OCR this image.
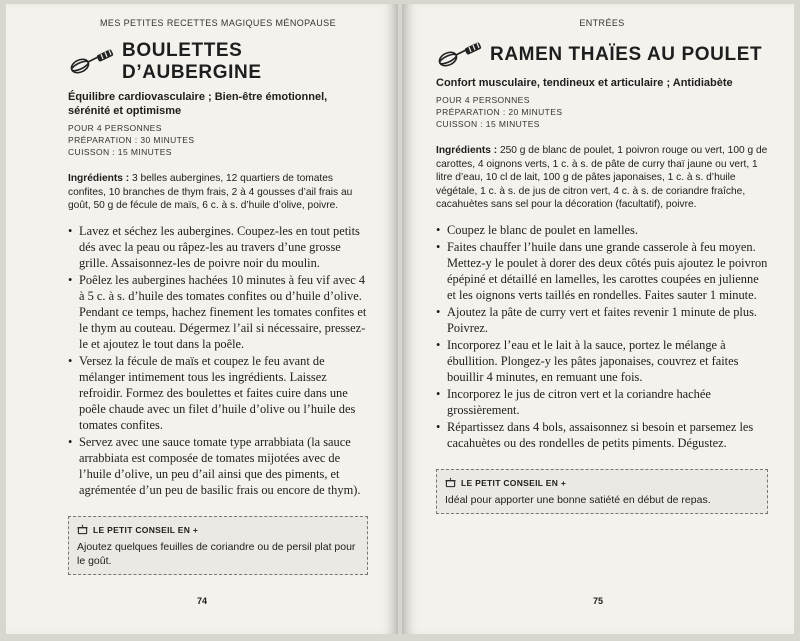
MES PETITES RECETTES MAGIQUES MÉNOPAUSE
BOULETTES D’AUBERGINE
Équilibre cardiovasculaire ; Bien-être émotionnel, sérénité et optimisme
POUR 4 PERSONNES
PRÉPARATION : 30 MINUTES
CUISSON : 15 MINUTES
Ingrédients : 3 belles aubergines, 12 quartiers de tomates confites, 10 branches de thym frais, 2 à 4 gousses d’ail frais au goût, 50 g de fécule de maïs, 6 c. à s. d’huile d’olive, poivre.
• Lavez et séchez les aubergines. Coupez-les en tout petits dés avec la peau ou râpez-les au travers d’une grosse grille. Assaisonnez-les de poivre noir du moulin.
• Poêlez les aubergines hachées 10 minutes à feu vif avec 4 à 5 c. à s. d’huile des tomates confites ou d’huile d’olive. Pendant ce temps, hachez finement les tomates confites et le thym au couteau. Dégermez l’ail si nécessaire, pressez-le et ajoutez le tout dans la poêle.
• Versez la fécule de maïs et coupez le feu avant de mélanger intimement tous les ingrédients. Laissez refroidir. Formez des boulettes et faites cuire dans une poêle chaude avec un filet d’huile d’olive ou l’huile des tomates confites.
• Servez avec une sauce tomate type arrabbiata (la sauce arrabbiata est composée de tomates mijotées avec de l’huile d’olive, un peu d’ail ainsi que des piments, et agrémentée d’un peu de basilic frais ou encore de thym).
LE PETIT CONSEIL EN +
Ajoutez quelques feuilles de coriandre ou de persil plat pour le goût.
74
ENTRÉES
RAMEN THAÏES AU POULET
Confort musculaire, tendineux et articulaire ; Antidiabète
POUR 4 PERSONNES
PRÉPARATION : 20 MINUTES
CUISSON : 15 MINUTES
Ingrédients : 250 g de blanc de poulet, 1 poivron rouge ou vert, 100 g de carottes, 4 oignons verts, 1 c. à s. de pâte de curry thaï jaune ou vert, 1 litre d’eau, 10 cl de lait, 100 g de pâtes japonaises, 1 c. à s. d’huile végétale, 1 c. à s. de jus de citron vert, 4 c. à s. de coriandre fraîche, cacahuètes sans sel pour la décoration (facultatif), poivre.
• Coupez le blanc de poulet en lamelles.
• Faites chauffer l’huile dans une grande casserole à feu moyen. Mettez-y le poulet à dorer des deux côtés puis ajoutez le poivron épépiné et détaillé en lamelles, les carottes coupées en julienne et les oignons verts taillés en rondelles. Faites sauter 1 minute.
• Ajoutez la pâte de curry vert et faites revenir 1 minute de plus. Poivrez.
• Incorporez l’eau et le lait à la sauce, portez le mélange à ébullition. Plongez-y les pâtes japonaises, couvrez et faites bouillir 4 minutes, en remuant une fois.
• Incorporez le jus de citron vert et la coriandre hachée grossièrement.
• Répartissez dans 4 bols, assaisonnez si besoin et parsemez les cacahuètes ou des rondelles de petits piments. Dégustez.
LE PETIT CONSEIL EN +
Idéal pour apporter une bonne satiété en début de repas.
75
